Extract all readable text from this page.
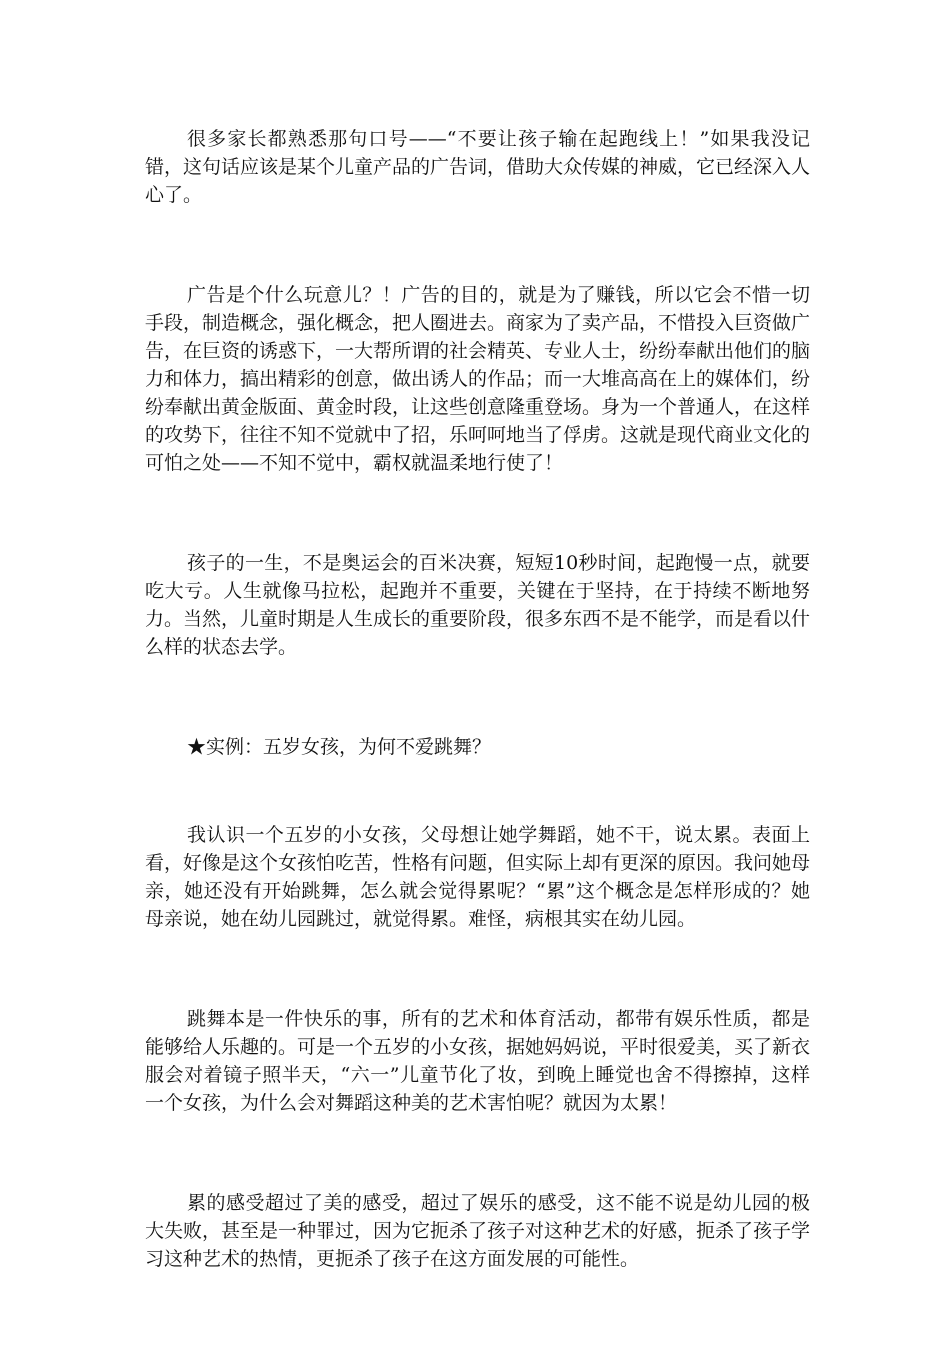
很多家长都熟悉那句口号——“不要让孩子输在起跑线上！”如果我没记错，这句话应该是某个儿童产品的广告词，借助大众传媒的神威，它已经深入人心了。

广告是个什么玩意儿？！广告的目的，就是为了赚钱，所以它会不惜一切手段，制造概念，强化概念，把人圈进去。商家为了卖产品，不惜投入巨资做广告，在巨资的诱惑下，一大帮所谓的社会精英、专业人士，纷纷奉献出他们的脑力和体力，搞出精彩的创意，做出诱人的作品；而一大堆高高在上的媒体们，纷纷奉献出黄金版面、黄金时段，让这些创意隆重登场。身为一个普通人，在这样的攻势下，往往不知不觉就中了招，乐呵呵地当了俘虏。这就是现代商业文化的可怕之处——不知不觉中，霸权就温柔地行使了！

孩子的一生，不是奥运会的百米决赛，短短10秒时间，起跑慢一点，就要吃大亏。人生就像马拉松，起跑并不重要，关键在于坚持，在于持续不断地努力。当然，儿童时期是人生成长的重要阶段，很多东西不是不能学，而是看以什么样的状态去学。

★实例：五岁女孩，为何不爱跳舞？

我认识一个五岁的小女孩，父母想让她学舞蹈，她不干，说太累。表面上看，好像是这个女孩怕吃苦，性格有问题，但实际上却有更深的原因。我问她母亲，她还没有开始跳舞，怎么就会觉得累呢？“累”这个概念是怎样形成的？她母亲说，她在幼儿园跳过，就觉得累。难怪，病根其实在幼儿园。

跳舞本是一件快乐的事，所有的艺术和体育活动，都带有娱乐性质，都是能够给人乐趣的。可是一个五岁的小女孩，据她妈妈说，平时很爱美，买了新衣服会对着镜子照半天，“六一”儿童节化了妆，到晚上睡觉也舍不得擦掉，这样一个女孩，为什么会对舞蹈这种美的艺术害怕呢？就因为太累！

累的感受超过了美的感受，超过了娱乐的感受，这不能不说是幼儿园的极大失败，甚至是一种罪过，因为它扼杀了孩子对这种艺术的好感，扼杀了孩子学习这种艺术的热情，更扼杀了孩子在这方面发展的可能性。
